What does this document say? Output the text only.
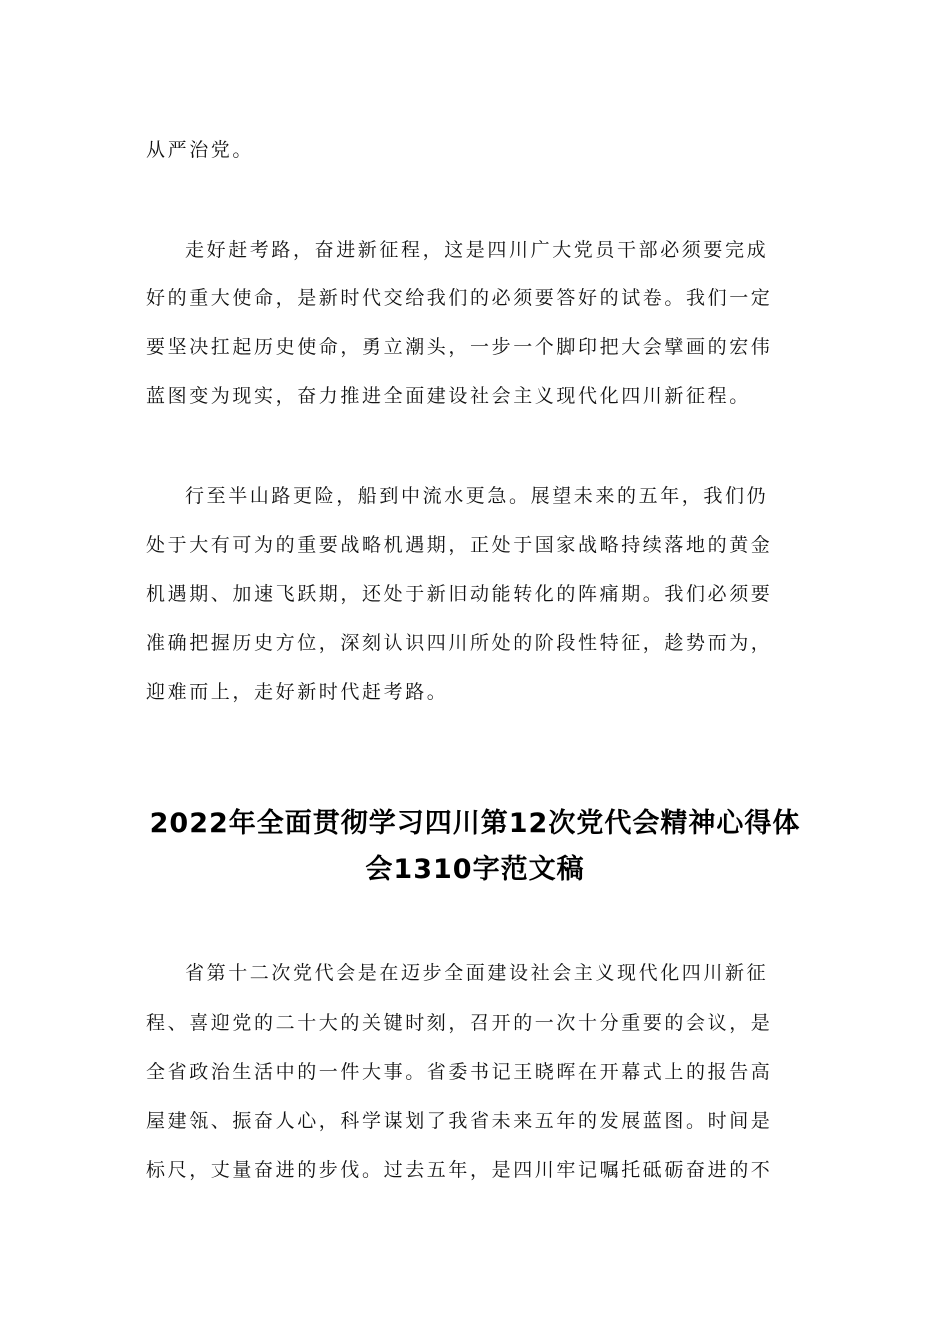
从严治党。
走好赶考路，奋进新征程，这是四川广大党员干部必须要完成
好的重大使命，是新时代交给我们的必须要答好的试卷。我们一定
要坚决扛起历史使命，勇立潮头，一步一个脚印把大会擘画的宏伟
蓝图变为现实，奋力推进全面建设社会主义现代化四川新征程。
行至半山路更险，船到中流水更急。展望未来的五年，我们仍
处于大有可为的重要战略机遇期，正处于国家战略持续落地的黄金
机遇期、加速飞跃期，还处于新旧动能转化的阵痛期。我们必须要
准确把握历史方位，深刻认识四川所处的阶段性特征，趁势而为，
迎难而上，走好新时代赶考路。
2022年全面贯彻学习四川第12次党代会精神心得体
会1310字范文稿
省第十二次党代会是在迈步全面建设社会主义现代化四川新征
程、喜迎党的二十大的关键时刻，召开的一次十分重要的会议，是
全省政治生活中的一件大事。省委书记王晓晖在开幕式上的报告高
屋建瓴、振奋人心，科学谋划了我省未来五年的发展蓝图。时间是
标尺，丈量奋进的步伐。过去五年，是四川牢记嘱托砥砺奋进的不
